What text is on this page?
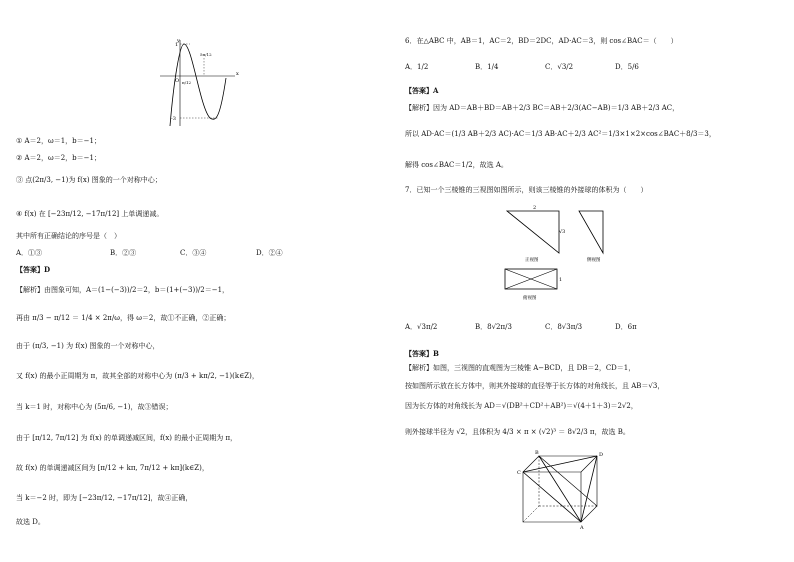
x
y
O
1
-3
π/12
5π/12
① A＝2，ω＝1，b＝−1；
② A＝2，ω＝2，b＝−1；
③ 点(2π/3, −1)为 f(x) 图象的一个对称中心；
④ f(x) 在 [−23π/12, −17π/12] 上单调递减。
其中所有正确结论的序号是（　）
A．①③	B．②③	C．③④	D．②④
【答案】D
【解析】由图象可知，A＝(1−(−3))/2＝2，b＝(1+(−3))/2＝−1，
再由 π/3 − π/12 ＝ 1/4 × 2π/ω，得 ω＝2，故①不正确，②正确；
由于 (π/3, −1) 为 f(x) 图象的一个对称中心，
又 f(x) 的最小正周期为 π，故其全部的对称中心为 (π/3 + kπ/2, −1)(k∈Z)，
当 k＝1 时，对称中心为 (5π/6, −1)，故③错误；
由于 [π/12, 7π/12] 为 f(x) 的单调递减区间，f(x) 的最小正周期为 π，
故 f(x) 的单调递减区间为 [π/12 + kπ, 7π/12 + kπ](k∈Z)，
当 k＝−2 时，即为 [−23π/12, −17π/12]，故④正确，
故选 D。
6．在△ABC 中，AB＝1，AC＝2，BD＝2DC，AD·AC＝3，则 cos∠BAC＝（　　）
A．1/2	B．1/4	C．√3/2	D．5/6
【答案】A
【解析】因为 AD＝AB＋BD＝AB＋2/3 BC＝AB＋2/3(AC−AB)＝1/3 AB＋2/3 AC，
所以 AD·AC＝(1/3 AB＋2/3 AC)·AC＝1/3 AB·AC＋2/3 AC²＝1/3×1×2×cos∠BAC＋8/3＝3，
解得 cos∠BAC＝1/2，故选 A。
7．已知一个三棱锥的三视图如图所示，则该三棱锥的外接球的体积为（　　）
2
√3
正视图	侧视图
1
俯视图
A．√3π/2	B．8√2π/3	C．8√3π/3	D．6π
【答案】B
【解析】如图，三视图的直观图为三棱锥 A−BCD，且 DB＝2，CD＝1，
按如图所示放在长方体中，则其外接球的直径等于长方体的对角线长，且 AB＝√3，
因为长方体的对角线长为 AD＝√(DB²＋CD²＋AB²)＝√(4＋1＋3)＝2√2，
则外接球半径为 √2，且体积为 4/3 × π × (√2)³ ＝ 8√2/3 π，故选 B。
B
C
D
A
